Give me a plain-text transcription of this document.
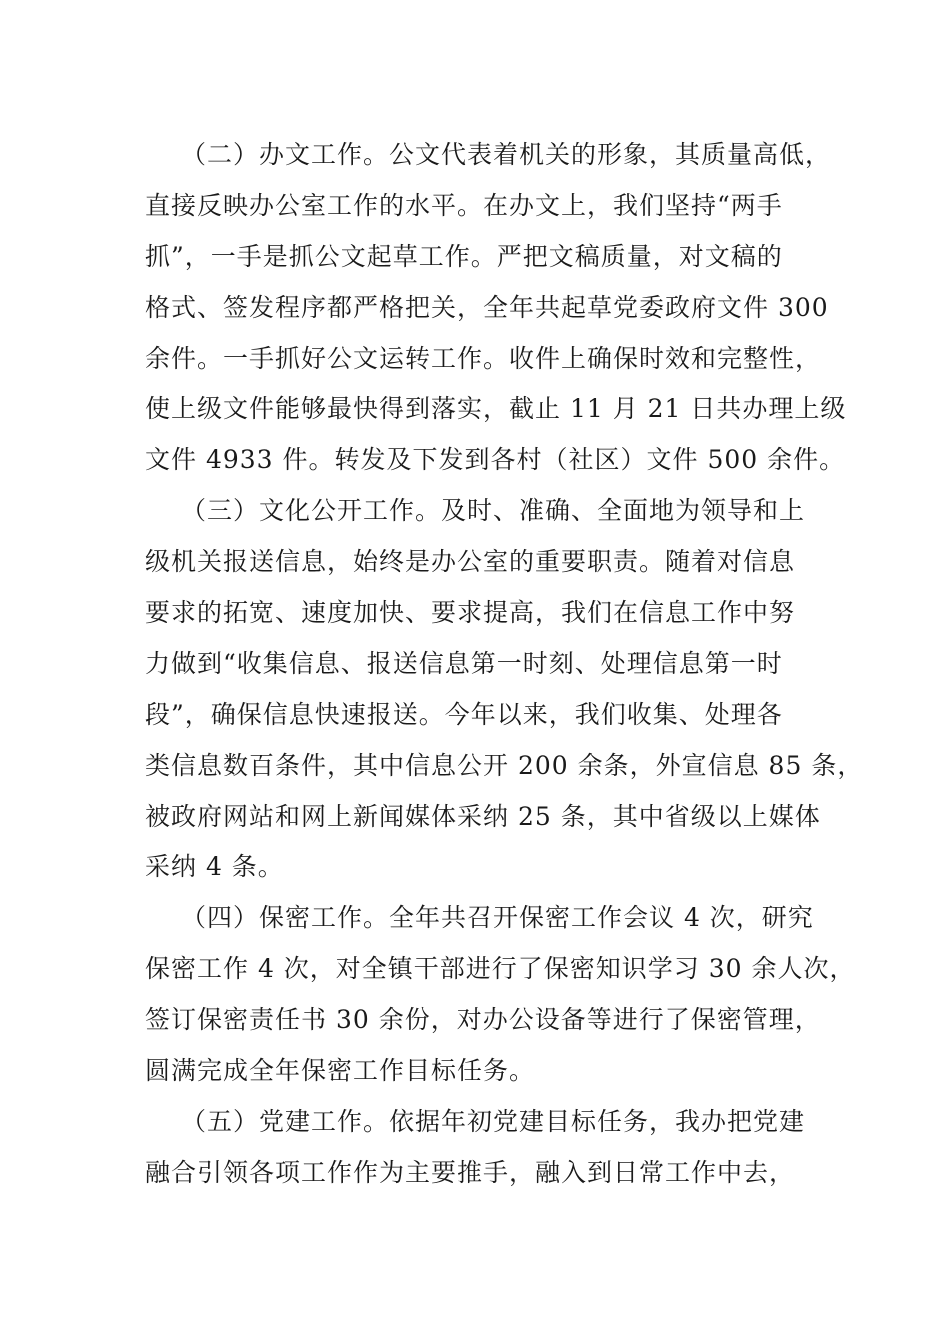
（二）办文工作。公文代表着机关的形象，其质量高低，
直接反映办公室工作的水平。在办文上，我们坚持“两手
抓”，一手是抓公文起草工作。严把文稿质量，对文稿的
格式、签发程序都严格把关，全年共起草党委政府文件 300
余件。一手抓好公文运转工作。收件上确保时效和完整性，
使上级文件能够最快得到落实，截止 11 月 21 日共办理上级
文件 4933 件。转发及下发到各村（社区）文件 500 余件。
（三）文化公开工作。及时、准确、全面地为领导和上
级机关报送信息，始终是办公室的重要职责。随着对信息
要求的拓宽、速度加快、要求提高，我们在信息工作中努
力做到“收集信息、报送信息第一时刻、处理信息第一时
段”，确保信息快速报送。今年以来，我们收集、处理各
类信息数百条件，其中信息公开 200 余条，外宣信息 85 条，
被政府网站和网上新闻媒体采纳 25 条，其中省级以上媒体
采纳 4 条。
（四）保密工作。全年共召开保密工作会议 4 次，研究
保密工作 4 次，对全镇干部进行了保密知识学习 30 余人次，
签订保密责任书 30 余份，对办公设备等进行了保密管理，
圆满完成全年保密工作目标任务。
（五）党建工作。依据年初党建目标任务，我办把党建
融合引领各项工作作为主要推手，融入到日常工作中去，
